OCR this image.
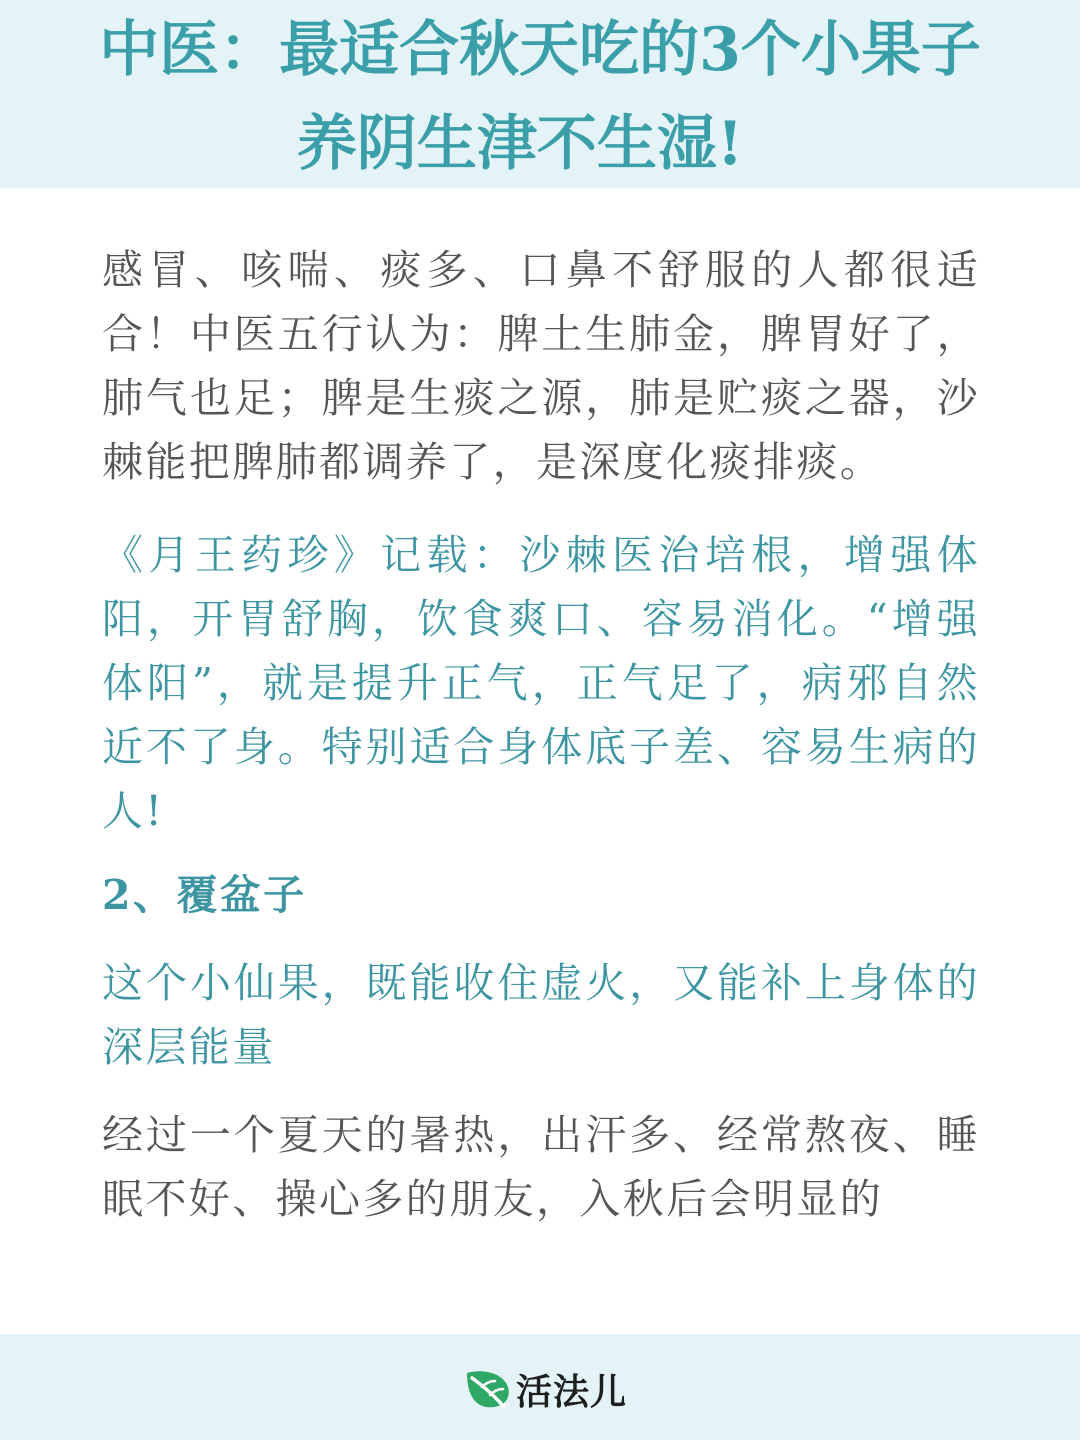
中医：最适合秋天吃的3个小果子
养阴生津不生湿!

感冒、咳喘、痰多、口鼻不舒服的人都很适合！中医五行认为：脾土生肺金，脾胃好了，肺气也足；脾是生痰之源，肺是贮痰之器，沙棘能把脾肺都调养了，是深度化痰排痰。

《月王药珍》记载：沙棘医治培根，增强体阳，开胃舒胸，饮食爽口、容易消化。“增强体阳”，就是提升正气，正气足了，病邪自然近不了身。特别适合身体底子差、容易生病的人!

2、覆盆子

这个小仙果，既能收住虚火，又能补上身体的深层能量

经过一个夏天的暑热，出汗多、经常熬夜、睡眠不好、操心多的朋友，入秋后会明显的

活法儿
